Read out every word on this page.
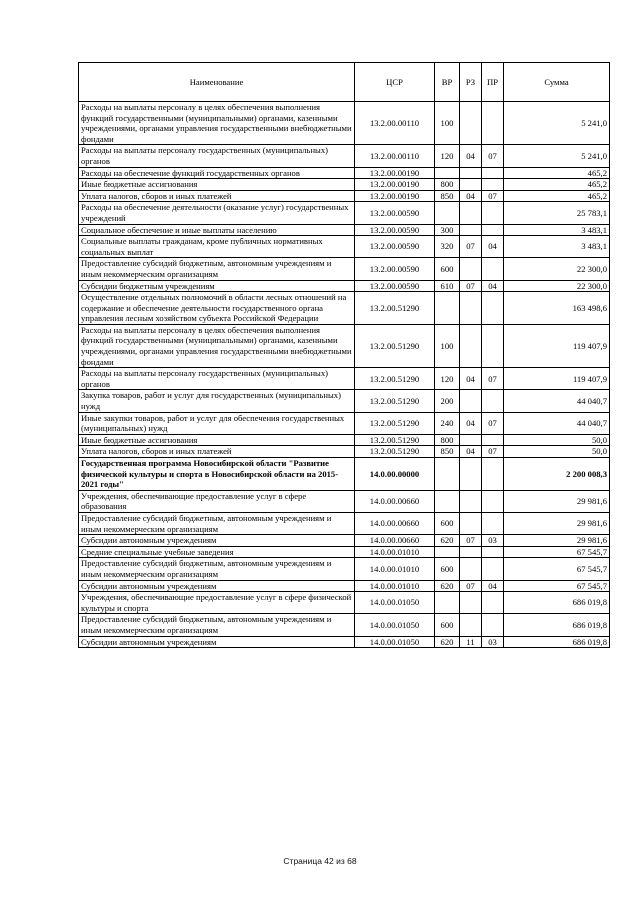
Наименование	ЦСР	ВР	РЗ	ПР	Сумма
Расходы на выплаты персоналу в целях обеспечения выполнения функций государственными (муниципальными) органами, казенными учреждениями, органами управления государственными внебюджетными фондами	13.2.00.00110	100			5 241,0
Расходы на выплаты персоналу государственных (муниципальных) органов	13.2.00.00110	120	04	07	5 241,0
Расходы на обеспечение функций государственных органов	13.2.00.00190				465,2
Иные бюджетные ассигнования	13.2.00.00190	800			465,2
Уплата налогов, сборов и иных платежей	13.2.00.00190	850	04	07	465,2
Расходы на обеспечение деятельности (оказание услуг) государственных учреждений	13.2.00.00590				25 783,1
Социальное обеспечение и иные выплаты населению	13.2.00.00590	300			3 483,1
Социальные выплаты гражданам, кроме публичных нормативных социальных выплат	13.2.00.00590	320	07	04	3 483,1
Предоставление субсидий бюджетным, автономным учреждениям и иным некоммерческим организациям	13.2.00.00590	600			22 300,0
Субсидии бюджетным учреждениям	13.2.00.00590	610	07	04	22 300,0
Осуществление отдельных полномочий в области лесных отношений на содержание и обеспечение деятельности государственного органа управления лесным хозяйством субъекта Российской Федерации	13.2.00.51290				163 498,6
Расходы на выплаты персоналу в целях обеспечения выполнения функций государственными (муниципальными) органами, казенными учреждениями, органами управления государственными внебюджетными фондами	13.2.00.51290	100			119 407,9
Расходы на выплаты персоналу государственных (муниципальных) органов	13.2.00.51290	120	04	07	119 407,9
Закупка товаров, работ и услуг для государственных (муниципальных) нужд	13.2.00.51290	200			44 040,7
Иные закупки товаров, работ и услуг для обеспечения государственных (муниципальных) нужд	13.2.00.51290	240	04	07	44 040,7
Иные бюджетные ассигнования	13.2.00.51290	800			50,0
Уплата налогов, сборов и иных платежей	13.2.00.51290	850	04	07	50,0
Государственная программа Новосибирской области "Развитие физической культуры и спорта в Новосибирской области на 2015-2021 годы"	14.0.00.00000				2 200 008,3
Учреждения, обеспечивающие предоставление услуг в сфере образования	14.0.00.00660				29 981,6
Предоставление субсидий бюджетным, автономным учреждениям и иным некоммерческим организациям	14.0.00.00660	600			29 981,6
Субсидии автономным учреждениям	14.0.00.00660	620	07	03	29 981,6
Средние специальные учебные заведения	14.0.00.01010				67 545,7
Предоставление субсидий бюджетным, автономным учреждениям и иным некоммерческим организациям	14.0.00.01010	600			67 545,7
Субсидии автономным учреждениям	14.0.00.01010	620	07	04	67 545,7
Учреждения, обеспечивающие предоставление услуг в сфере физической культуры и спорта	14.0.00.01050				686 019,8
Предоставление субсидий бюджетным, автономным учреждениям и иным некоммерческим организациям	14.0.00.01050	600			686 019,8
Субсидии автономным учреждениям	14.0.00.01050	620	11	03	686 019,8
Страница 42 из 68
